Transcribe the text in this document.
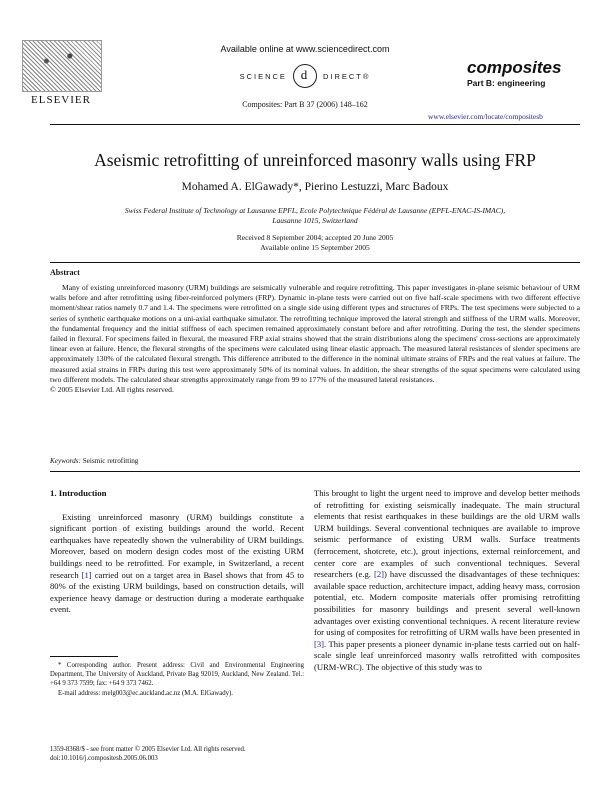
ELSEVIER
Available online at www.sciencedirect.com
SCIENCE	d	DIRECT®
Composites: Part B 37 (2006) 148–162
composites
Part B: engineering
www.elsevier.com/locate/compositesb
Aseismic retrofitting of unreinforced masonry walls using FRP
Mohamed A. ElGawady*, Pierino Lestuzzi, Marc Badoux
Swiss Federal Institute of Technology at Lausanne EPFL, Ecole Polytechnique Fédéral de Lausanne (EPFL-ENAC-IS-IMAC),
Lausanne 1015, Switzerland
Received 8 September 2004; accepted 20 June 2005
Available online 15 September 2005
Abstract

Many of existing unreinforced masonry (URM) buildings are seismically vulnerable and require retrofitting. This paper investigates in-plane seismic behaviour of URM walls before and after retrofitting using fiber-reinforced polymers (FRP). Dynamic in-plane tests were carried out on five half-scale specimens with two different effective moment/shear ratios namely 0.7 and 1.4. The specimens were retrofitted on a single side using different types and structures of FRPs. The test specimens were subjected to a series of synthetic earthquake motions on a uni-axial earthquake simulator. The retrofitting technique improved the lateral strength and stiffness of the URM walls. Moreover, the fundamental frequency and the initial stiffness of each specimen remained approximately constant before and after retrofitting. During the test, the slender specimens failed in flexural. For specimens failed in flexural, the measured FRP axial strains showed that the strain distributions along the specimens' cross-sections are approximately linear even at failure. Hence, the flexural strengths of the specimens were calculated using linear elastic approach. The measured lateral resistances of slender specimens are approximately 130% of the calculated flexural strength. This difference attributed to the difference in the nominal ultimate strains of FRPs and the real values at failure. The measured axial strains in FRPs during this test were approximately 50% of its nominal values. In addition, the shear strengths of the squat specimens were calculated using two different models. The calculated shear strengths approximately range from 99 to 177% of the measured lateral resistances.

© 2005 Elsevier Ltd. All rights reserved.
Keywords: Seismic retrofitting
1. Introduction

Existing unreinforced masonry (URM) buildings constitute a significant portion of existing buildings around the world. Recent earthquakes have repeatedly shown the vulnerability of URM buildings. Moreover, based on modern design codes most of the existing URM buildings need to be retrofitted. For example, in Switzerland, a recent research [1] carried out on a target area in Basel shows that from 45 to 80% of the existing URM buildings, based on construction details, will experience heavy damage or destruction during a moderate earthquake event.

This brought to light the urgent need to improve and develop better methods of retrofitting for existing seismically inadequate. The main structural elements that resist earthquakes in these buildings are the old URM walls URM buildings. Several conventional techniques are available to improve seismic performance of existing URM walls. Surface treatments (ferrocement, shotcrete, etc.), grout injections, external reinforcement, and center core are examples of such conventional techniques. Several researchers (e.g. [2]) have discussed the disadvantages of these techniques: available space reduction, architecture impact, adding heavy mass, corrosion potential, etc. Modern composite materials offer promising retrofitting possibilities for masonry buildings and present several well-known advantages over existing conventional techniques. A recent literature review for using of composites for retrofitting of URM walls have been presented in [3]. This paper presents a pioneer dynamic in-plane tests carried out on half-scale single leaf unreinforced masonry walls retrofitted with composites (URM-WRC). The objective of this study was to

* Corresponding author. Present address: Civil and Environmental Engineering Department, The University of Auckland, Private Bag 92019, Auckland, New Zealand. Tel.: +64 9 373 7599; fax: +64 9 373 7462.

E-mail address: melg003@ec.auckland.ac.nz (M.A. ElGawady).

1359-8368/$ - see front matter © 2005 Elsevier Ltd. All rights reserved.
doi:10.1016/j.compositesb.2005.06.003
